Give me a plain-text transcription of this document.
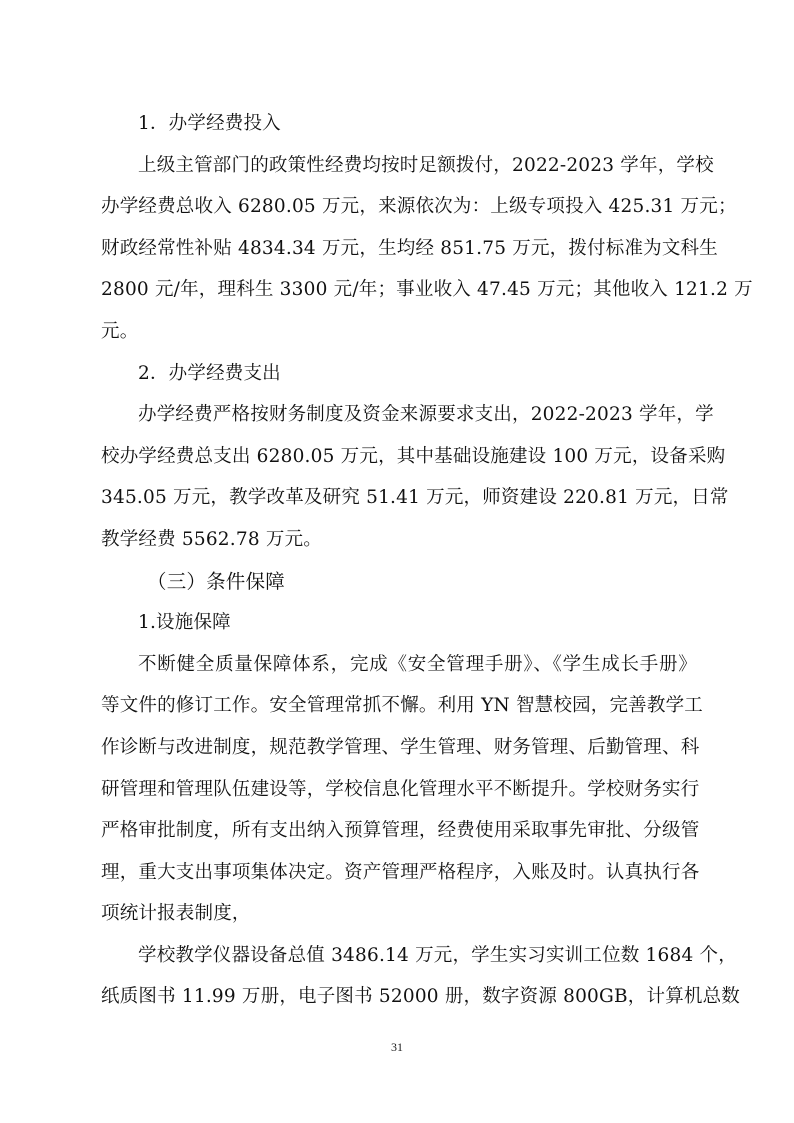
1．办学经费投入
上级主管部门的政策性经费均按时足额拨付，2022-2023 学年，学校
办学经费总收入 6280.05 万元，来源依次为：上级专项投入 425.31 万元；
财政经常性补贴 4834.34 万元，生均经 851.75 万元，拨付标准为文科生
2800 元/年，理科生 3300 元/年；事业收入 47.45 万元；其他收入 121.2 万
元。
2．办学经费支出
办学经费严格按财务制度及资金来源要求支出，2022-2023 学年，学
校办学经费总支出 6280.05 万元，其中基础设施建设 100 万元，设备采购
345.05 万元，教学改革及研究 51.41 万元，师资建设 220.81 万元，日常
教学经费 5562.78 万元。
（三）条件保障
1.设施保障
不断健全质量保障体系，完成《安全管理手册》、《学生成长手册》
等文件的修订工作。安全管理常抓不懈。利用 YN 智慧校园，完善教学工
作诊断与改进制度，规范教学管理、学生管理、财务管理、后勤管理、科
研管理和管理队伍建设等，学校信息化管理水平不断提升。学校财务实行
严格审批制度，所有支出纳入预算管理，经费使用采取事先审批、分级管
理，重大支出事项集体决定。资产管理严格程序，入账及时。认真执行各
项统计报表制度，
学校教学仪器设备总值 3486.14 万元，学生实习实训工位数 1684 个，
纸质图书 11.99 万册，电子图书 52000 册，数字资源 800GB，计算机总数
31
